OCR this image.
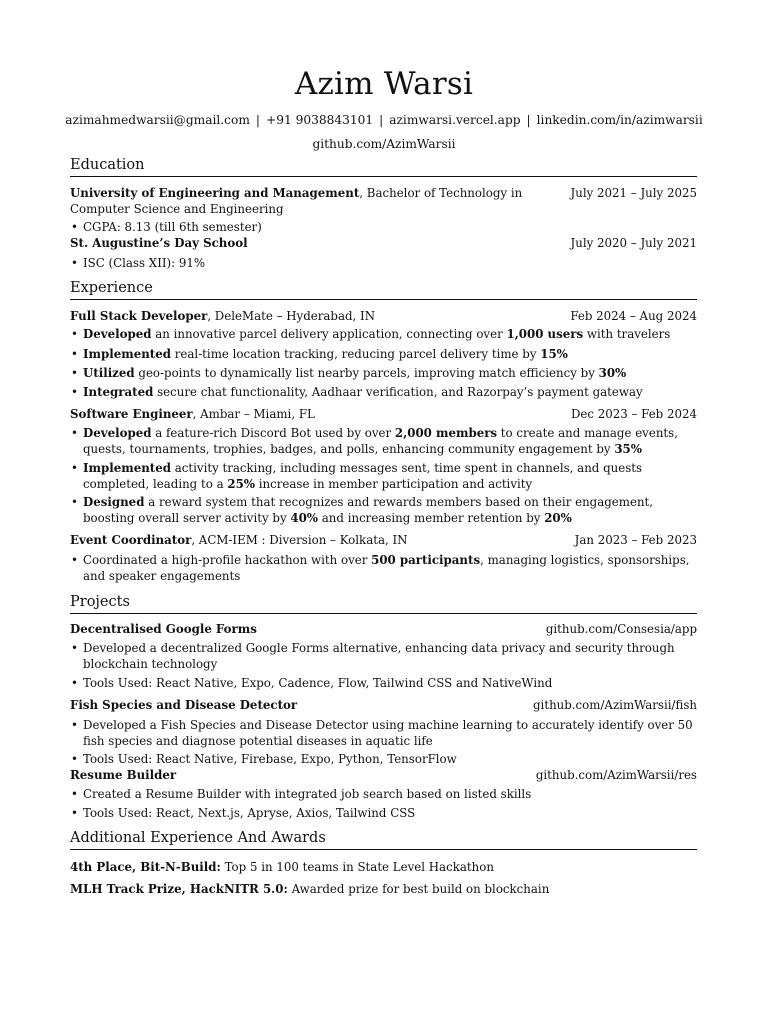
Azim Warsi

azimahmedwarsii@gmail.com | +91 9038843101 | azimwarsi.vercel.app | linkedin.com/in/azimwarsii

github.com/AzimWarsii

Education
University of Engineering and Management, Bachelor of Technology in Computer Science and Engineering
July 2021 – July 2025
• CGPA: 8.13 (till 6th semester)
St. Augustine’s Day School	July 2020 – July 2021
• ISC (Class XII): 91%
Experience
Full Stack Developer, DeleMate – Hyderabad, IN	Feb 2024 – Aug 2024
• Developed an innovative parcel delivery application, connecting over 1,000 users with travelers
• Implemented real-time location tracking, reducing parcel delivery time by 15%
• Utilized geo-points to dynamically list nearby parcels, improving match efficiency by 30%
• Integrated secure chat functionality, Aadhaar verification, and Razorpay’s payment gateway
Software Engineer, Ambar – Miami, FL	Dec 2023 – Feb 2024
• Developed a feature-rich Discord Bot used by over 2,000 members to create and manage events, quests, tournaments, trophies, badges, and polls, enhancing community engagement by 35%
• Implemented activity tracking, including messages sent, time spent in channels, and quests completed, leading to a 25% increase in member participation and activity
• Designed a reward system that recognizes and rewards members based on their engagement, boosting overall server activity by 40% and increasing member retention by 20%
Event Coordinator, ACM-IEM : Diversion – Kolkata, IN	Jan 2023 – Feb 2023
• Coordinated a high-profile hackathon with over 500 participants, managing logistics, sponsorships, and speaker engagements
Projects
Decentralised Google Forms	github.com/Consesia/app
• Developed a decentralized Google Forms alternative, enhancing data privacy and security through blockchain technology
• Tools Used: React Native, Expo, Cadence, Flow, Tailwind CSS and NativeWind
Fish Species and Disease Detector	github.com/AzimWarsii/fish
• Developed a Fish Species and Disease Detector using machine learning to accurately identify over 50 fish species and diagnose potential diseases in aquatic life
• Tools Used: React Native, Firebase, Expo, Python, TensorFlow
Resume Builder	github.com/AzimWarsii/res
• Created a Resume Builder with integrated job search based on listed skills
• Tools Used: React, Next.js, Apryse, Axios, Tailwind CSS
Additional Experience And Awards
4th Place, Bit-N-Build: Top 5 in 100 teams in State Level Hackathon
MLH Track Prize, HackNITR 5.0: Awarded prize for best build on blockchain
